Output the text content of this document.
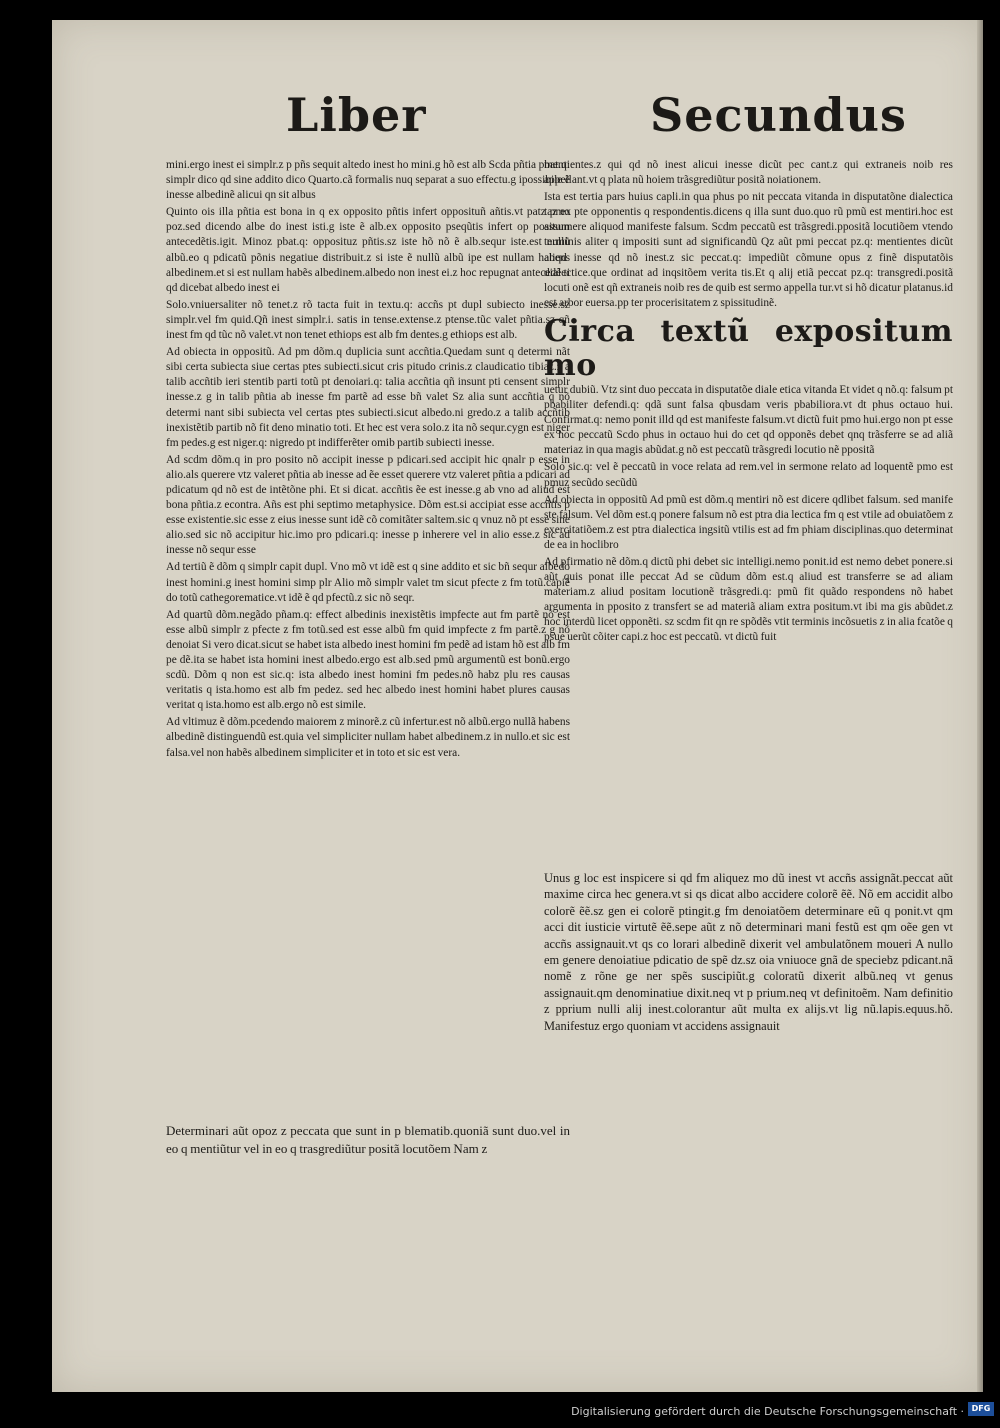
Liber	Secundus

mini.ergo inest ei simplr.z p pñs sequit altedo inest ho mini.g hõ est alb Scda pñtia pbat.q: simplr dico qd sine addito dico Quarto.cã formalis nuq separat a suo effectu.g ipossibile ẽ inesse albedinẽ alicui qn sit albus

Quinto ois illa pñtia est bona in q ex opposito pñtis infert opposituñ añtis.vt patz pmo poz.sed dicendo albe do inest isti.g iste ẽ alb.ex opposito pseqũtis infert op positum antecedẽtis.igit. Minoz pbat.q: opposituz pñtis.sz iste hõ nõ ẽ alb.sequr iste.est nullũ albũ.eo q pdicatũ põnis negatiue distribuit.z si iste ẽ nullũ albũ ipe est nullam habens albedinem.et si est nullam habẽs albedinem.albedo non inest ei.z hoc repugnat antecedẽ ti qd dicebat albedo inest ei

Solo.vniuersaliter nõ tenet.z rõ tacta fuit in textu.q: accñs pt dupl subiecto inesse.sz simplr.vel fm quid.Qñ inest simplr.i. satis in tense.extense.z ptense.tũc valet pñtia.sz qñ inest fm qd tũc nõ valet.vt non tenet ethiops est alb fm dentes.g ethiops est alb.

Ad obiecta in oppositũ. Ad pm dõm.q duplicia sunt accñtia.Quedam sunt q determi nãt sibi certa subiecta siue certas ptes subiecti.sicut cris pitudo crinis.z claudicatio tibiaz.z a talib accñtib ieri stentib parti totũ pt denoiari.q: talia accñtia qñ insunt pti censent simplr inesse.z g in talib pñtia ab inesse fm partẽ ad esse bñ valet Sz alia sunt accñtia q nõ determi nant sibi subiecta vel certas ptes subiecti.sicut albedo.ni gredo.z a talib accñtib inexistẽtib partib nõ fit deno minatio toti. Et hec est vera solo.z ita nõ sequr.cygn est niger fm pedes.g est niger.q: nigredo pt indifferẽter omib partib subiecti inesse.

Ad scdm dõm.q in pro posito nõ accipit inesse p pdicari.sed accipit hic qnalr p esse in alio.als querere vtz valeret pñtia ab inesse ad ẽe esset querere vtz valeret pñtia a pdicari ad pdicatum qd nõ est de intẽtõne phi. Et si dicat. accñtis ẽe est inesse.g ab vno ad aliud est bona pñtia.z econtra. Añs est phi septimo metaphysice. Dõm est.si accipiat esse accñtis p esse existentie.sic esse z eius inesse sunt idẽ cõ comitãter saltem.sic q vnuz nõ pt esse sine alio.sed sic nõ accipitur hic.imo pro pdicari.q: inesse p inherere vel in alio esse.z sic ad inesse nõ sequr esse

Ad tertiũ ẽ dõm q simplr capit dupl. Vno mõ vt idẽ est q sine addito et sic bñ sequr albedo inest homini.g inest homini simp plr Alio mõ simplr valet tm sicut pfecte z fm totũ.capiẽ do totũ cathegorematice.vt idẽ ẽ qd pfectũ.z sic nõ seqr.

Ad quartũ dõm.negãdo pñam.q: effect albedinis inexistẽtis impfecte aut fm partẽ nõ est esse albũ simplr z pfecte z fm totũ.sed est esse albũ fm quid impfecte z fm partẽ.z g nõ denoiat Si vero dicat.sicut se habet ista albedo inest homini fm pedẽ ad istam hõ est alb fm pe dẽ.ita se habet ista homini inest albedo.ergo est alb.sed pmũ argumentũ est bonũ.ergo scdũ. Dõm q non est sic.q: ista albedo inest homini fm pedes.nõ habz plu res causas veritatis q ista.homo est alb fm pedez. sed hec albedo inest homini habet plures causas veritat q ista.homo est alb.ergo nõ est simile.

Ad vltimuz ẽ dõm.pcedendo maiorem z minorẽ.z cũ infertur.est nõ albũ.ergo nullã habens albedinẽ distinguendũ est.quia vel simpliciter nullam habet albedinem.z in nullo.et sic est falsa.vel non habẽs albedinem simpliciter et in toto et sic est vera.

Determinari aũt opoz z peccata que sunt in p blematib.quoniã sunt duo.vel in eo q mentiũtur vel in eo q trasgrediũtur positã locutõem Nam z

mentientes.z qui qd nõ inest alicui inesse dicũt pec cant.z qui extraneis noib res appellant.vt q plata nũ hoiem trãsgrediũtur positã noiationem.

Ista est tertia pars huius capli.in qua phus po nit peccata vitanda in disputatõne dialectica taz ex pte opponentis q respondentis.dicens q illa sunt duo.quo rũ pmũ est mentiri.hoc est assumere aliquod manifeste falsum. Scdm peccatũ est trãsgredi.ppositã locutiõem vtendo terminis aliter q impositi sunt ad significandũ Qz aũt pmi peccat pz.q: mentientes dicũt aliqd inesse qd nõ inest.z sic peccat.q: impediũt cõmune opus z finẽ disputatõis dialectice.que ordinat ad inqsitõem verita tis.Et q alij etiã peccat pz.q: transgredi.positã locuti onẽ est qñ extraneis noib res de quib est sermo appella tur.vt si hõ dicatur platanus.id est arbor euersa.pp ter procerisitatem z spissitudinẽ.

Circa textũ expositum mo

uetur dubiũ. Vtz sint duo peccata in disputatõe diale etica vitanda Et videt q nõ.q: falsum pt pbabiliter defendi.q: qdã sunt falsa qbusdam veris pbabiliora.vt dt phus octauo hui. Confirmat.q: nemo ponit illd qd est manifeste falsum.vt dictũ fuit pmo hui.ergo non pt esse ex hoc peccatũ Scdo phus in octauo hui do cet qd opponẽs debet qnq trãsferre se ad aliã materiaz in qua magis abũdat.g nõ est peccatũ trãsgredi locutio nẽ ppositã

Solo sic.q: vel ẽ peccatũ in voce relata ad rem.vel in sermone relato ad loquentẽ pmo est pmuz secũdo secũdũ

Ad obiecta in oppositũ Ad pmũ est dõm.q mentiri nõ est dicere qdlibet falsum. sed manife ste falsum. Vel dõm est.q ponere falsum nõ est ptra dia lectica fm q est vtile ad obuiatõem z exercitatiõem.z est ptra dialectica ingsitũ vtilis est ad fm phiam disciplinas.quo determinat de ea in hoclibro

Ad pfirmatio nẽ dõm.q dictũ phi debet sic intelligi.nemo ponit.id est nemo debet ponere.si aũt quis ponat ille peccat Ad se cũdum dõm est.q aliud est transferre se ad aliam materiam.z aliud positam locutionẽ trãsgredi.q: pmũ fit quãdo respondens nõ habet argumenta in pposito z transfert se ad materiã aliam extra positum.vt ibi ma gis abũdet.z hoc interdũ licet opponẽti. sz scdm fit qn re spõdẽs vtit terminis incõsuetis z in alia fcatõe q psue uerũt cõiter capi.z hoc est peccatũ. vt dictũ fuit

Unus g loc est inspicere si qd fm aliquez mo dũ inest vt accñs assignãt.peccat aũt maxime circa hec genera.vt si qs dicat albo accidere colorẽ ẽẽ. Nõ em accidit albo colorẽ ẽẽ.sz gen ei colorẽ ptingit.g fm denoiatõem determinare eũ q ponit.vt qm acci dit iusticie virtutẽ ẽẽ.sepe aũt z nõ determinari mani festũ est qm oẽe gen vt accñs assignauit.vt qs co lorari albedinẽ dixerit vel ambulatõnem moueri A nullo em genere denoiatiue pdicatio de spẽ dz.sz oia vniuoce gnã de speciebz pdicant.nã nomẽ z rõne ge ner spẽs suscipiũt.g coloratũ dixerit albũ.neq vt genus assignauit.qm denominatiue dixit.neq vt p prium.neq vt definitoẽm. Nam definitio z pprium nulli alij inest.colorantur aũt multa ex alijs.vt lig nũ.lapis.equus.hõ. Manifestuz ergo quoniam vt accidens assignauit
Digitalisierung gefördert durch die Deutsche Forschungsgemeinschaft · DFG
